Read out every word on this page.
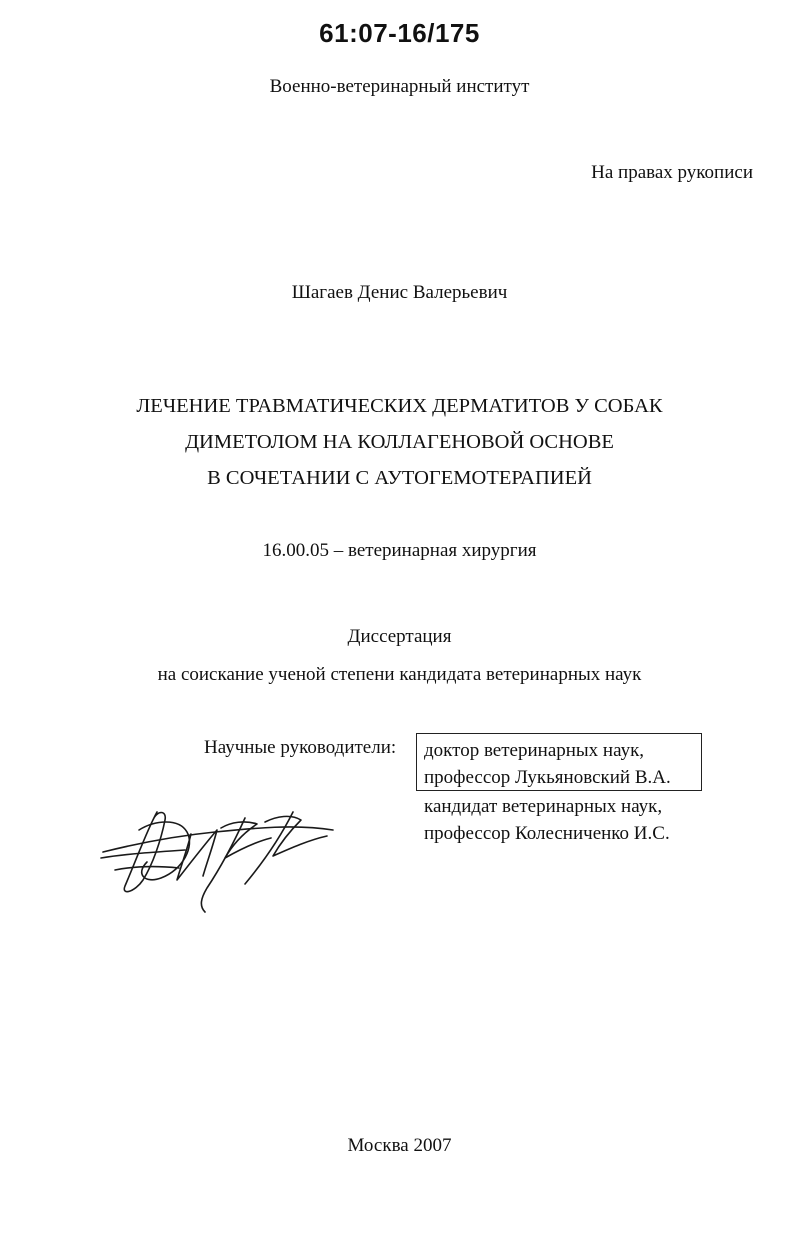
61:07-16/175
Военно-ветеринарный институт
На правах рукописи
Шагаев Денис Валерьевич
ЛЕЧЕНИЕ ТРАВМАТИЧЕСКИХ ДЕРМАТИТОВ У СОБАК
ДИМЕТОЛОМ НА КОЛЛАГЕНОВОЙ ОСНОВЕ
В СОЧЕТАНИИ С АУТОГЕМОТЕРАПИЕЙ
16.00.05 – ветеринарная хирургия
Диссертация
на соискание ученой степени кандидата ветеринарных наук
Научные руководители: доктор ветеринарных наук,
профессор Лукьяновский В.А.
кандидат ветеринарных наук,
профессор Колесниченко И.С.
Москва 2007
